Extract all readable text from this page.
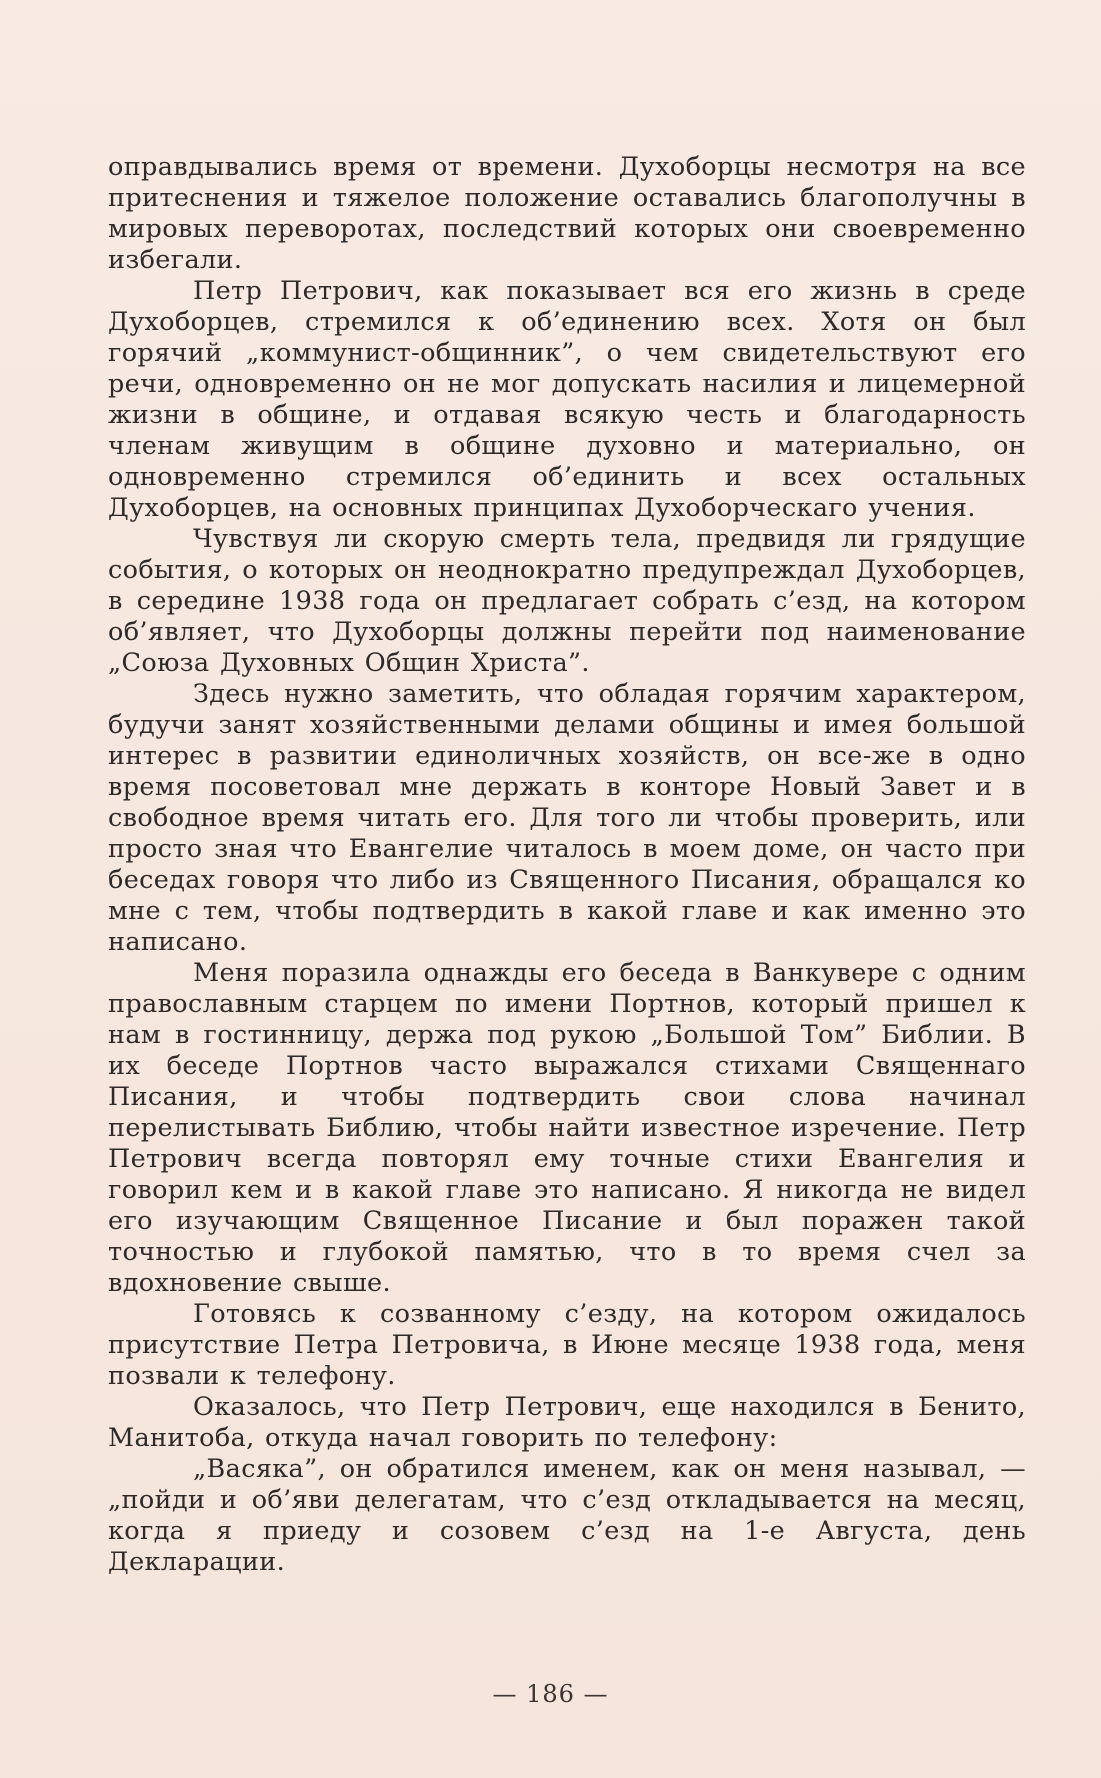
оправдывались время от времени. Духоборцы несмотря на все притеснения и тяжелое положение оставались благополучны в мировых переворотах, последствий которых они своевременно избегали.

Петр Петрович, как показывает вся его жизнь в среде Духоборцев, стремился к об’единению всех. Хотя он был горячий „коммунист-общинник”, о чем свидетельствуют его речи, одновременно он не мог допускать насилия и лицемерной жизни в общине, и отдавая всякую честь и благодарность членам живущим в общине духовно и материально, он одновременно стремился об’единить и всех остальных Духоборцев, на основных принципах Духоборческаго учения.

Чувствуя ли скорую смерть тела, предвидя ли грядущие события, о которых он неоднократно предупреждал Духоборцев, в середине 1938 года он предлагает собрать с’езд, на котором об’являет, что Духоборцы должны перейти под наименование „Союза Духовных Общин Христа”.

Здесь нужно заметить, что обладая горячим характером, будучи занят хозяйственными делами общины и имея большой интерес в развитии единоличных хозяйств, он все-же в одно время посоветовал мне держать в конторе Новый Завет и в свободное время читать его. Для того ли чтобы проверить, или просто зная что Евангелие читалось в моем доме, он часто при беседах говоря что либо из Священного Писания, обращался ко мне с тем, чтобы подтвердить в какой главе и как именно это написано.

Меня поразила однажды его беседа в Ванкувере с одним православным старцем по имени Портнов, который пришел к нам в гостинницу, держа под рукою „Большой Том” Библии. В их беседе Портнов часто выражался стихами Священнаго Писания, и чтобы подтвердить свои слова начинал перелистывать Библию, чтобы найти известное изречение. Петр Петрович всегда повторял ему точные стихи Евангелия и говорил кем и в какой главе это написано. Я никогда не видел его изучающим Священное Писание и был поражен такой точностью и глубокой памятью, что в то время счел за вдохновение свыше.

Готовясь к созванному с’езду, на котором ожидалось присутствие Петра Петровича, в Июне месяце 1938 года, меня позвали к телефону.

Оказалось, что Петр Петрович, еще находился в Бенито, Манитоба, откуда начал говорить по телефону:

„Васяка”, он обратился именем, как он меня называл, —„пойди и об’яви делегатам, что с’езд откладывается на месяц, когда я приеду и созовем с’езд на 1-е Августа, день Декларации.

— 186 —
